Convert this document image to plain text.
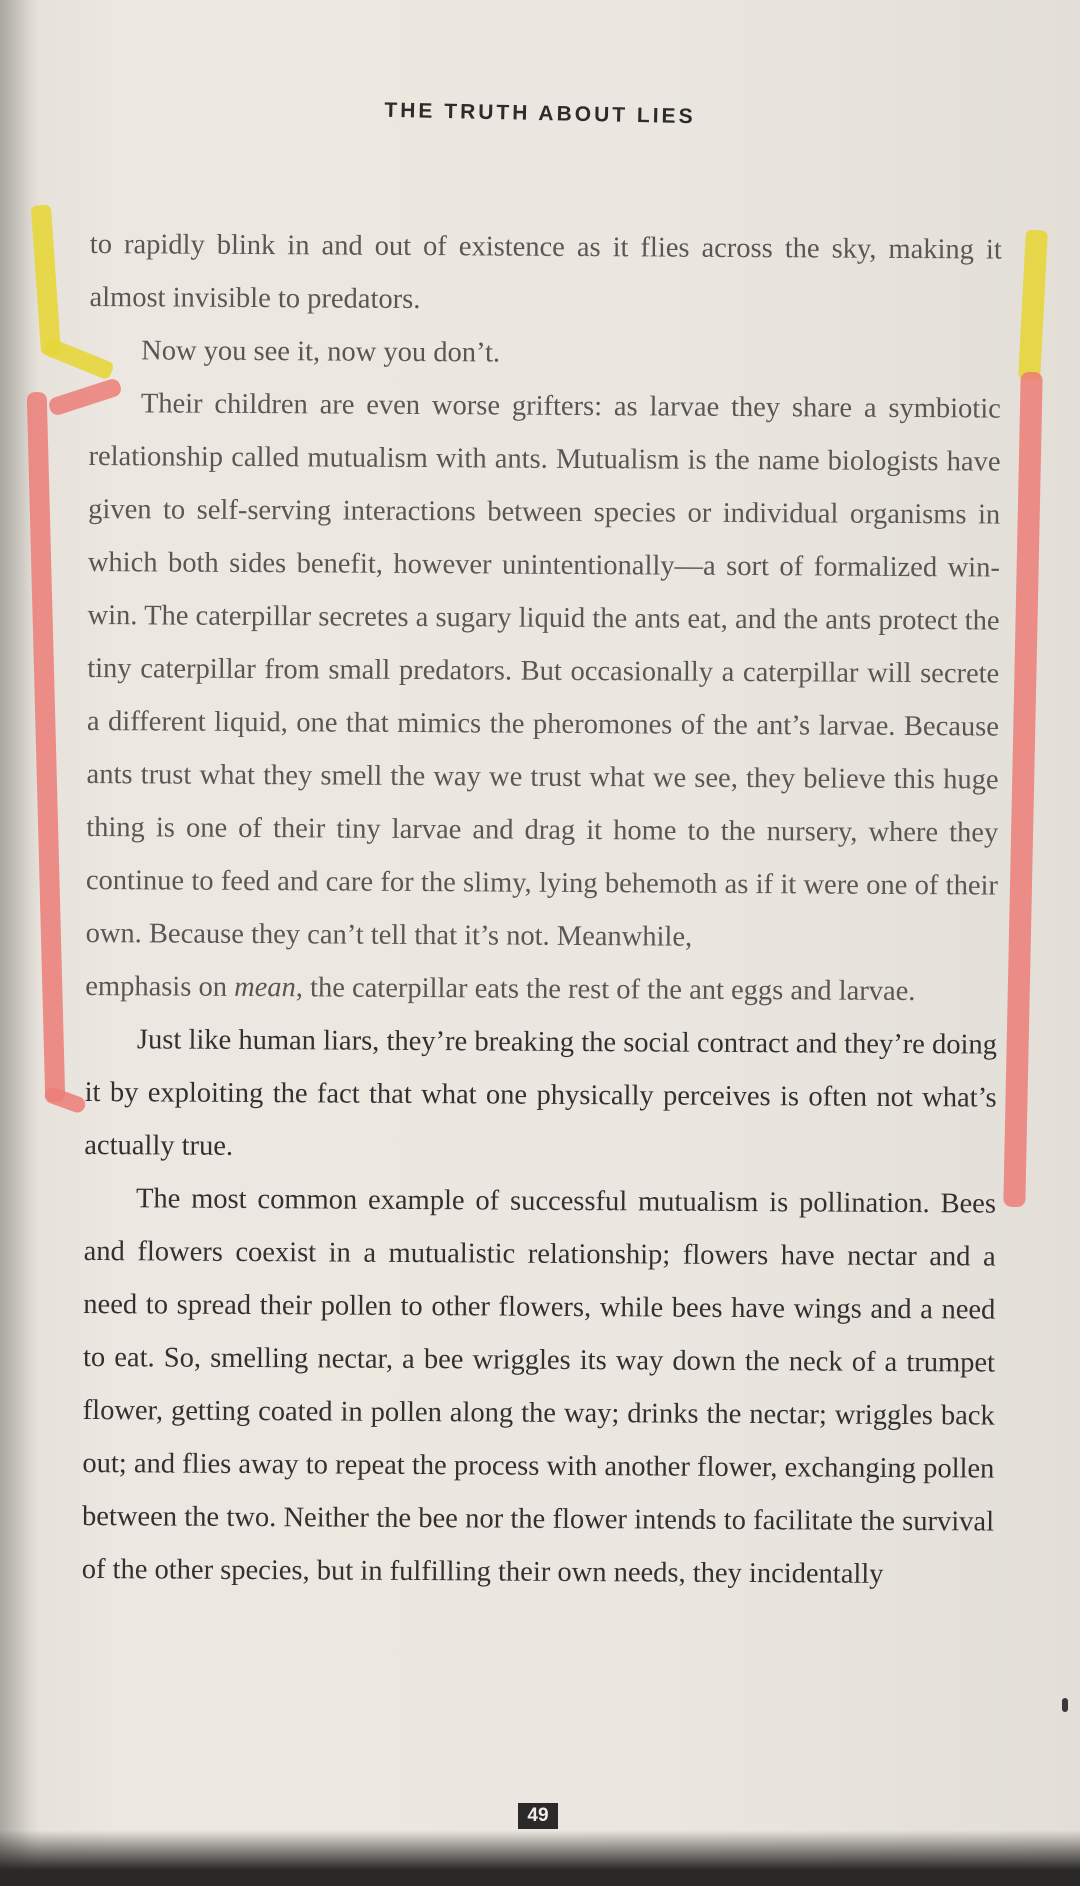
THE TRUTH ABOUT LIES

to rapidly blink in and out of existence as it flies across the sky, making it almost invisible to predators.

Now you see it, now you don’t.

Their children are even worse grifters: as larvae they share a symbiotic relationship called mutualism with ants. Mutualism is the name biologists have given to self-serving interactions between species or individual organisms in which both sides benefit, however unintentionally—a sort of formalized win-win. The caterpillar secretes a sugary liquid the ants eat, and the ants protect the tiny caterpillar from small predators. But occasionally a caterpillar will secrete a different liquid, one that mimics the pheromones of the ant’s larvae. Because ants trust what they smell the way we trust what we see, they believe this huge thing is one of their tiny larvae and drag it home to the nursery, where they continue to feed and care for the slimy, lying behemoth as if it were one of their own. Because they can’t tell that it’s not. Meanwhile,

emphasis on mean, the caterpillar eats the rest of the ant eggs and larvae.

Just like human liars, they’re breaking the social contract and they’re doing it by exploiting the fact that what one physically perceives is often not what’s actually true.

The most common example of successful mutualism is pollination. Bees and flowers coexist in a mutualistic relationship; flowers have nectar and a need to spread their pollen to other flowers, while bees have wings and a need to eat. So, smelling nectar, a bee wriggles its way down the neck of a trumpet flower, getting coated in pollen along the way; drinks the nectar; wriggles back out; and flies away to repeat the process with another flower, exchanging pollen between the two. Neither the bee nor the flower intends to facilitate the survival of the other species, but in fulfilling their own needs, they incidentally

49
